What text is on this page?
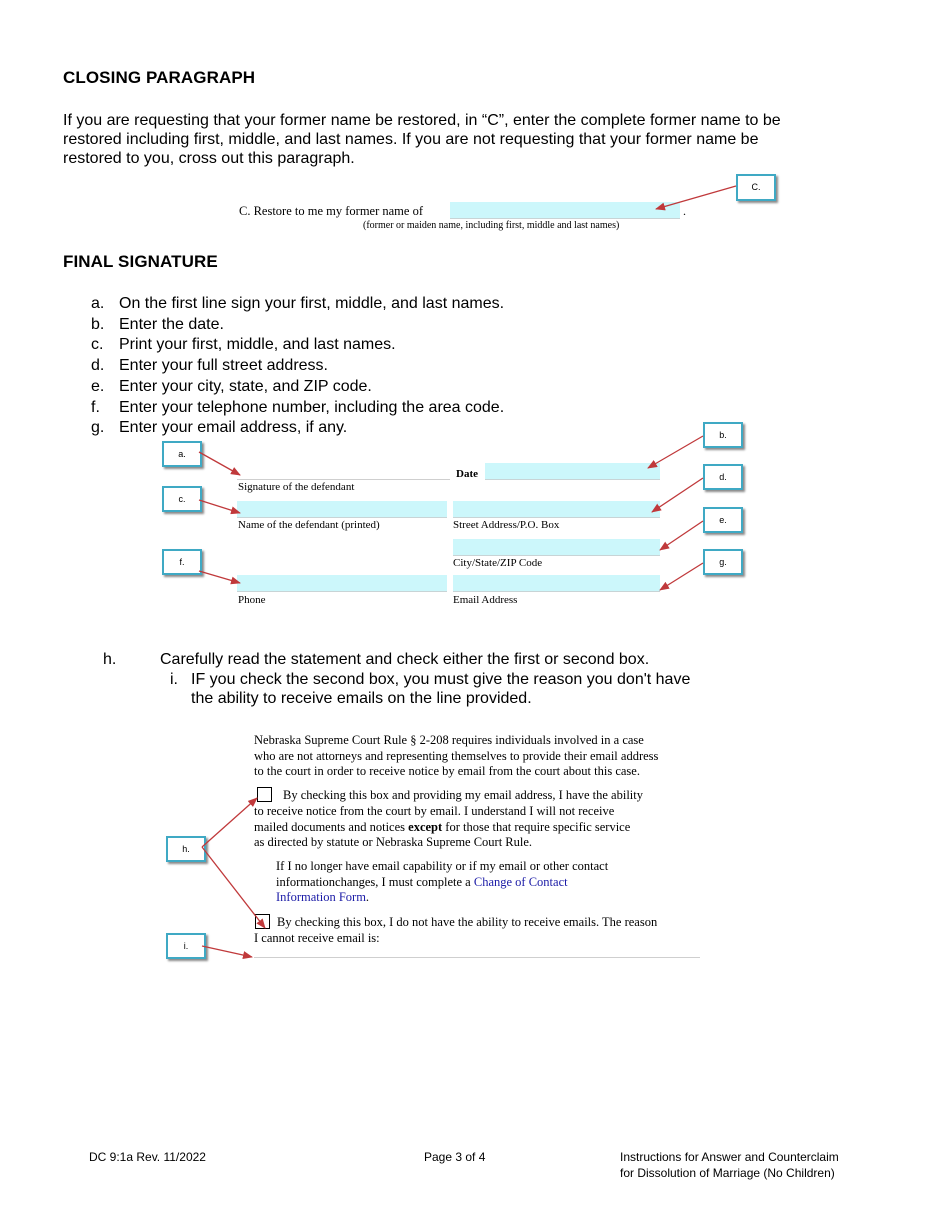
CLOSING PARAGRAPH
If you are requesting that your former name be restored, in “C”, enter the complete former name to be
restored including first, middle, and last names. If you are not requesting that your former name be
restored to you, cross out this paragraph.
C. Restore to me my former name of	.
(former or maiden name, including first, middle and last names)
C.
FINAL SIGNATURE
a. On the first line sign your first, middle, and last names.
b. Enter the date.
c. Print your first, middle, and last names.
d. Enter your full street address.
e. Enter your city, state, and ZIP code.
f.	Enter your telephone number, including the area code.
g. Enter your email address, if any.
Signature of the defendant
Date
Name of the defendant (printed)	Street Address/P.O. Box
City/State/ZIP Code
Phone	Email Address
a.
b.
c.
d.
e.
f.	g.
h.	Carefully read the statement and check either the first or second box.
i. IF you check the second box, you must give the reason you don't have
the ability to receive emails on the line provided.
Nebraska Supreme Court Rule § 2-208 requires individuals involved in a case
who are not attorneys and representing themselves to provide their email address
to the court in order to receive notice by email from the court about this case.
By checking this box and providing my email address, I have the ability
to receive notice from the court by email. I understand I will not receive
mailed documents and notices except for those that require specific service
as directed by statute or Nebraska Supreme Court Rule.
If I no longer have email capability or if my email or other contact
informationchanges, I must complete a Change of Contact
Information Form.
By checking this box, I do not have the ability to receive emails. The reason
I cannot receive email is:
h.
i.
DC 9:1a Rev. 11/2022	Page 3 of 4	Instructions for Answer and Counterclaim
for Dissolution of Marriage (No Children)
